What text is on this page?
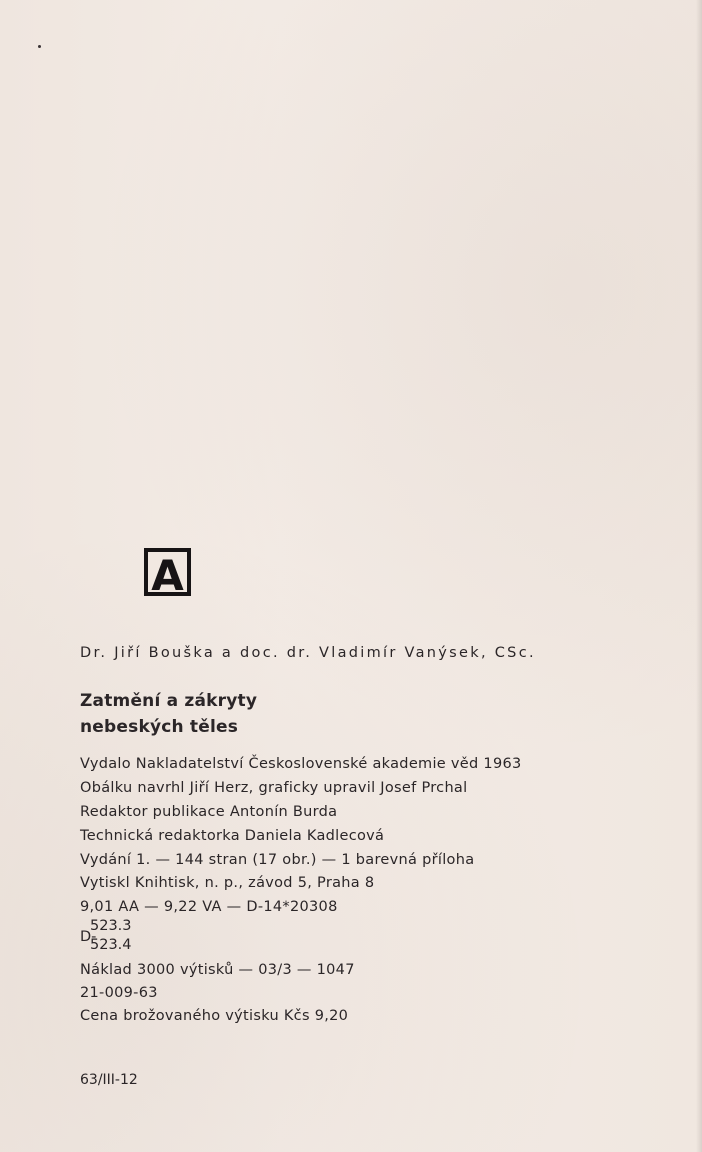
A

Dr. Jiří Bouška a doc. dr. Vladimír Vanýsek, CSc.

Zatmění a zákryty

nebeských těles

Vydalo Nakladatelství Československé akademie věd 1963

Obálku navrhl Jiří Herz, graficky upravil Josef Prchal

Redaktor publikace Antonín Burda

Technická redaktorka Daniela Kadlecová

Vydání 1. — 144 stran (17 obr.) — 1 barevná příloha

Vytiskl Knihtisk, n. p., závod 5, Praha 8

9,01 AA — 9,22 VA — D-14*20308

D-
523.3
523.4

Náklad 3000 výtisků — 03/3 — 1047

21-009-63

Cena brožovaného výtisku Kčs 9,20

63/III-12
